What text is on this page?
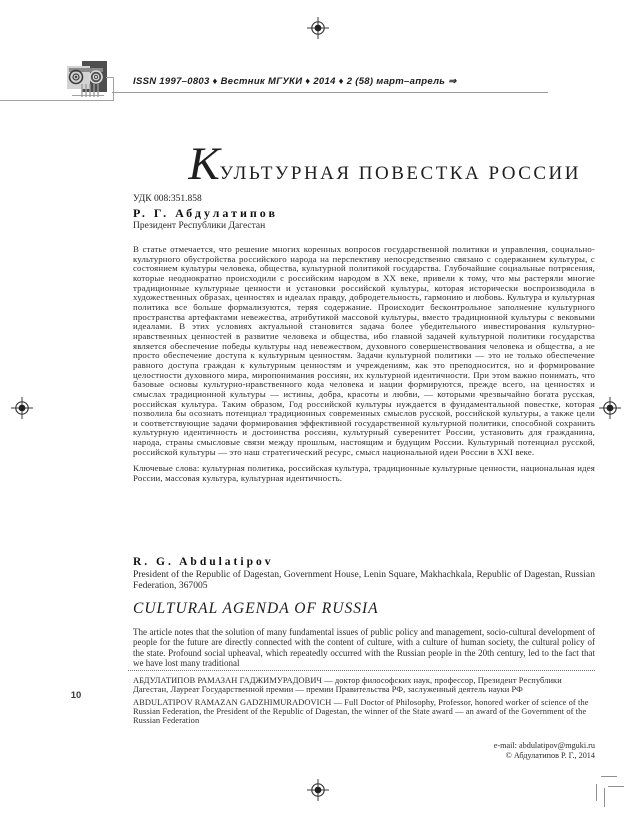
ISSN 1997–0803 ♦ Вестник МГУКИ ♦ 2014 ♦ 2 (58) март–апрель ⇒
КУЛЬТУРНАЯ ПОВЕСТКА РОССИИ
УДК 008:351.858
Р. Г. Абдулатипов
Президент Республики Дагестан

В статье отмечается, что решение многих коренных вопросов государственной политики и управления, социально-культурного обустройства российского народа на перспективу непосредственно связано с содержанием культуры, с состоянием культуры человека, общества, культурной политикой государства. Глубочайшие социальные потрясения, которые неоднократно происходили с российским народом в XX веке, привели к тому, что мы растеряли многие традиционные культурные ценности и установки российской культуры, которая исторически воспроизводила в художественных образах, ценностях и идеалах правду, добродетельность, гармонию и любовь. Культура и культурная политика все больше формализуются, теряя содержание. Происходит бесконтрольное заполнение культурного пространства артефактами невежества, атрибутикой массовой культуры, вместо традиционной культуры с вековыми идеалами. В этих условиях актуальной становится задача более убедительного инвестирования культурно-нравственных ценностей в развитие человека и общества, ибо главной задачей культурной политики государства является обеспечение победы культуры над невежеством, духовного совершенствования человека и общества, а не просто обеспечение доступа к культурным ценностям. Задачи культурной политики — это не только обеспечение равного доступа граждан к культурным ценностям и учреждениям, как это преподносится, но и формирование целостности духовного мира, миропонимания россиян, их культурной идентичности. При этом важно понимать, что базовые основы культурно-нравственного кода человека и нации формируются, прежде всего, на ценностях и смыслах традиционной культуры — истины, добра, красоты и любви, — которыми чрезвычайно богата русская, российская культура. Таким образом, Год российской культуры нуждается в фундаментальной повестке, которая позволила бы осознать потенциал традиционных современных смыслов русской, российской культуры, а также цели и соответствующие задачи формирования эффективной государственной культурной политики, способной сохранить культурную идентичность и достоинства россиян, культурный суверенитет России, установить для гражданина, народа, страны смысловые связи между прошлым, настоящим и будущим России. Культурный потенциал русской, российской культуры — это наш стратегический ресурс, смысл национальной идеи России в XXI веке.

Ключевые слова: культурная политика, российская культура, традиционные культурные ценности, национальная идея России, массовая культура, культурная идентичность.

R. G. Abdulatipov
President of the Republic of Dagestan, Government House, Lenin Square, Makhachkala, Republic of Dagestan, Russian Federation, 367005
CULTURAL AGENDA OF RUSSIA
The article notes that the solution of many fundamental issues of public policy and management, socio-cultural development of people for the future are directly connected with the content of culture, with a culture of human society, the cultural policy of the state. Profound social upheaval, which repeatedly occurred with the Russian people in the 20th century, led to the fact that we have lost many traditional

АБДУЛАТИПОВ РАМАЗАН ГАДЖИМУРАДОВИЧ — доктор философских наук, профессор, Президент Республики Дагестан, Лауреат Государственной премии — премии Правительства РФ, заслуженный деятель науки РФ

ABDULATIPOV RAMAZAN GADZHIMURADOVICH — Full Doctor of Philosophy, Professor, honored worker of science of the Russian Federation, the President of the Republic of Dagestan, the winner of the State award — an award of the Government of the Russian Federation

e-mail: abdulatipov@mguki.ru
© Абдулатипов Р. Г., 2014
10
